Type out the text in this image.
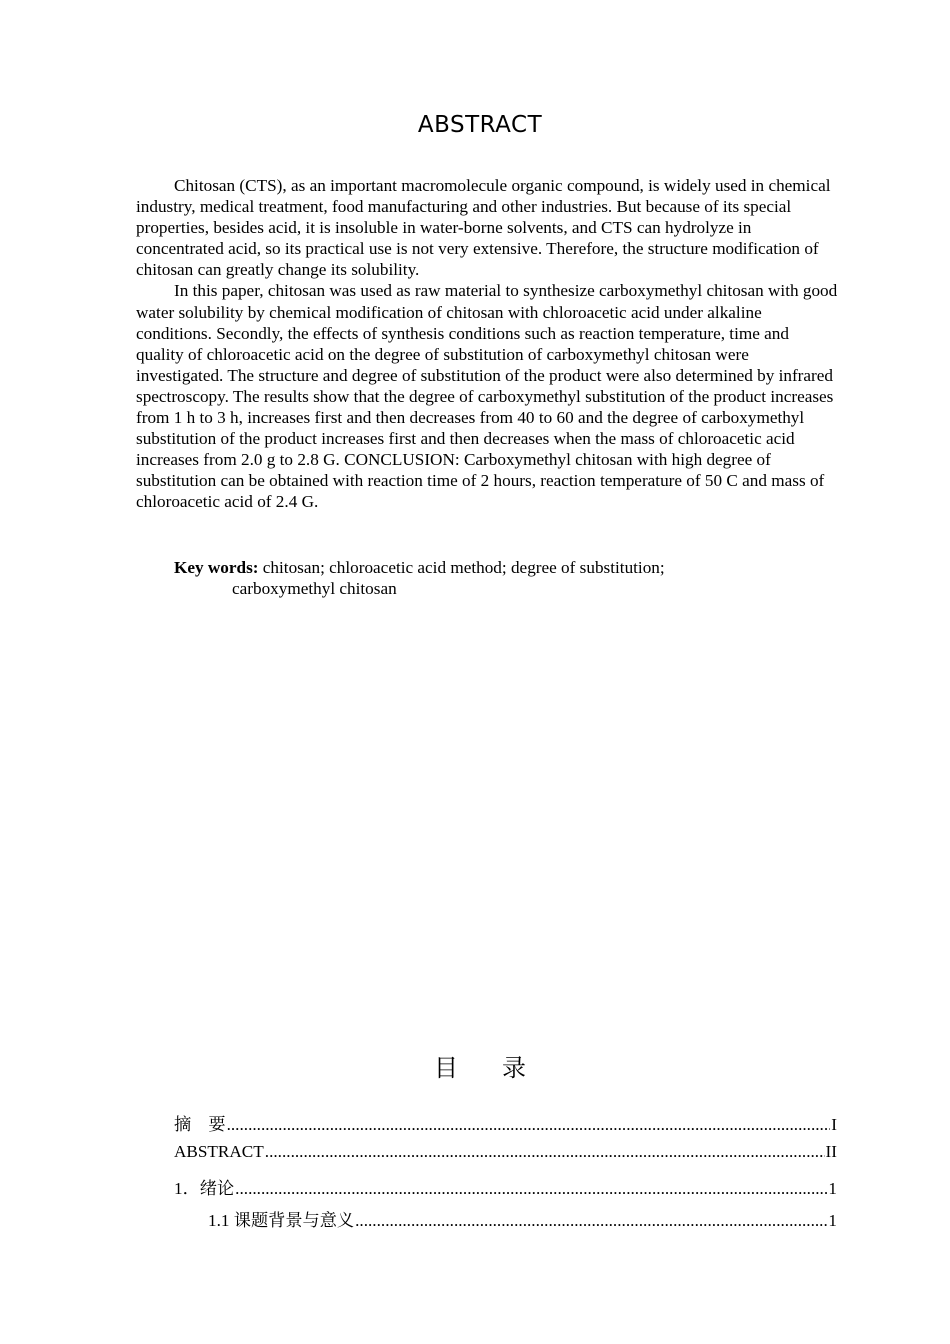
ABSTRACT

Chitosan (CTS), as an important macromolecule organic compound, is widely used in chemical industry, medical treatment, food manufacturing and other industries. But because of its special properties, besides acid, it is insoluble in water-borne solvents, and CTS can hydrolyze in concentrated acid, so its practical use is not very extensive. Therefore, the structure modification of chitosan can greatly change its solubility.

In this paper, chitosan was used as raw material to synthesize carboxymethyl chitosan with good water solubility by chemical modification of chitosan with chloroacetic acid under alkaline conditions. Secondly, the effects of synthesis conditions such as reaction temperature, time and quality of chloroacetic acid on the degree of substitution of carboxymethyl chitosan were investigated. The structure and degree of substitution of the product were also determined by infrared spectroscopy. The results show that the degree of carboxymethyl substitution of the product increases from 1 h to 3 h, increases first and then decreases from 40 to 60 and the degree of carboxymethyl substitution of the product increases first and then decreases when the mass of chloroacetic acid increases from 2.0 g to 2.8 G. CONCLUSION: Carboxymethyl chitosan with high degree of substitution can be obtained with reaction time of 2 hours, reaction temperature of 50 C and mass of chloroacetic acid of 2.4 G.

Key words: chitosan; chloroacetic acid method; degree of substitution;
carboxymethyl chitosan
目录
摘　要 .....	I
ABSTRACT .....	II
1．绪论 .....	1
1.1 课题背景与意义 .....	1
